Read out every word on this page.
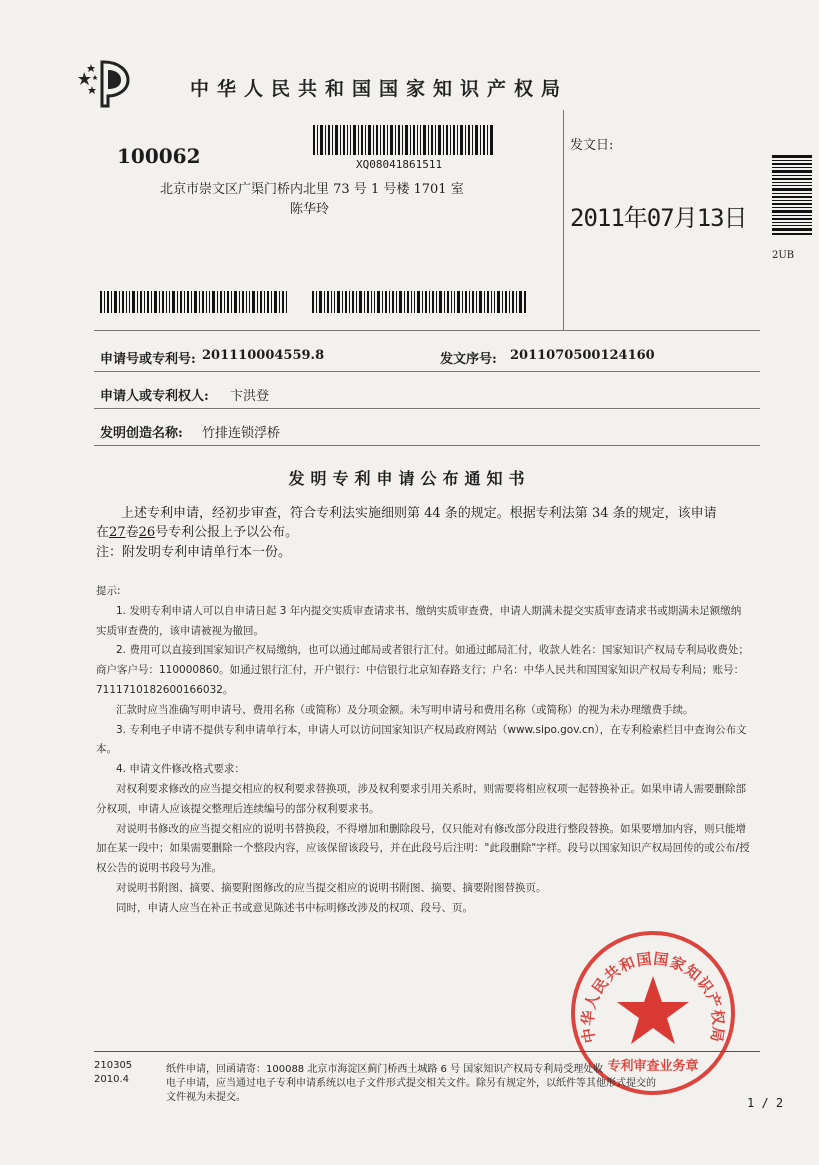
中华人民共和国国家知识产权局
100062	XQ08041861511
北京市崇文区广渠门桥内北里 73 号 1 号楼 1701 室
陈华玲
发文日:
2011年07月13日
2UB
申请号或专利号: 201110004559.8	发文序号: 2011070500124160
申请人或专利权人: 卞洪登
发明创造名称: 竹排连锁浮桥
发明专利申请公布通知书
上述专利申请，经初步审查，符合专利法实施细则第 44 条的规定。根据专利法第 34 条的规定，该申请
在27卷26号专利公报上予以公布。
注：附发明专利申请单行本一份。

提示:

1. 发明专利申请人可以自申请日起 3 年内提交实质审查请求书、缴纳实质审查费，申请人期满未提交实质审查请求书或期满未足额缴纳实质审查费的，该申请被视为撤回。

2. 费用可以直接到国家知识产权局缴纳，也可以通过邮局或者银行汇付。如通过邮局汇付，收款人姓名：国家知识产权局专利局收费处；商户客户号：110000860。如通过银行汇付，开户银行：中信银行北京知春路支行；户名：中华人民共和国国家知识产权局专利局；账号：7111710182600166032。

汇款时应当准确写明申请号、费用名称（或简称）及分项金额。未写明申请号和费用名称（或简称）的视为未办理缴费手续。

3. 专利电子申请不提供专利申请单行本，申请人可以访问国家知识产权局政府网站（www.sipo.gov.cn），在专利检索栏目中查询公布文本。

4. 申请文件修改格式要求：

对权利要求修改的应当提交相应的权利要求替换项，涉及权利要求引用关系时，则需要将相应权项一起替换补正。如果申请人需要删除部分权项，申请人应该提交整理后连续编号的部分权利要求书。

对说明书修改的应当提交相应的说明书替换段，不得增加和删除段号，仅只能对有修改部分段进行整段替换。如果要增加内容，则只能增加在某一段中；如果需要删除一个整段内容，应该保留该段号，并在此段号后注明："此段删除"字样。段号以国家知识产权局回传的或公布/授权公告的说明书段号为准。

对说明书附图、摘要、摘要附图修改的应当提交相应的说明书附图、摘要、摘要附图替换页。

同时，申请人应当在补正书或意见陈述书中标明修改涉及的权项、段号、页。

中华人民共和国国家知识产权局
专利审查业务章
210305
2010.4
纸件申请，回函请寄：100088 北京市海淀区蓟门桥西土城路 6 号 国家知识产权局专利局受理处收
电子申请，应当通过电子专利申请系统以电子文件形式提交相关文件。除另有规定外，以纸件等其他形式提交的
文件视为未提交。	1 / 2
